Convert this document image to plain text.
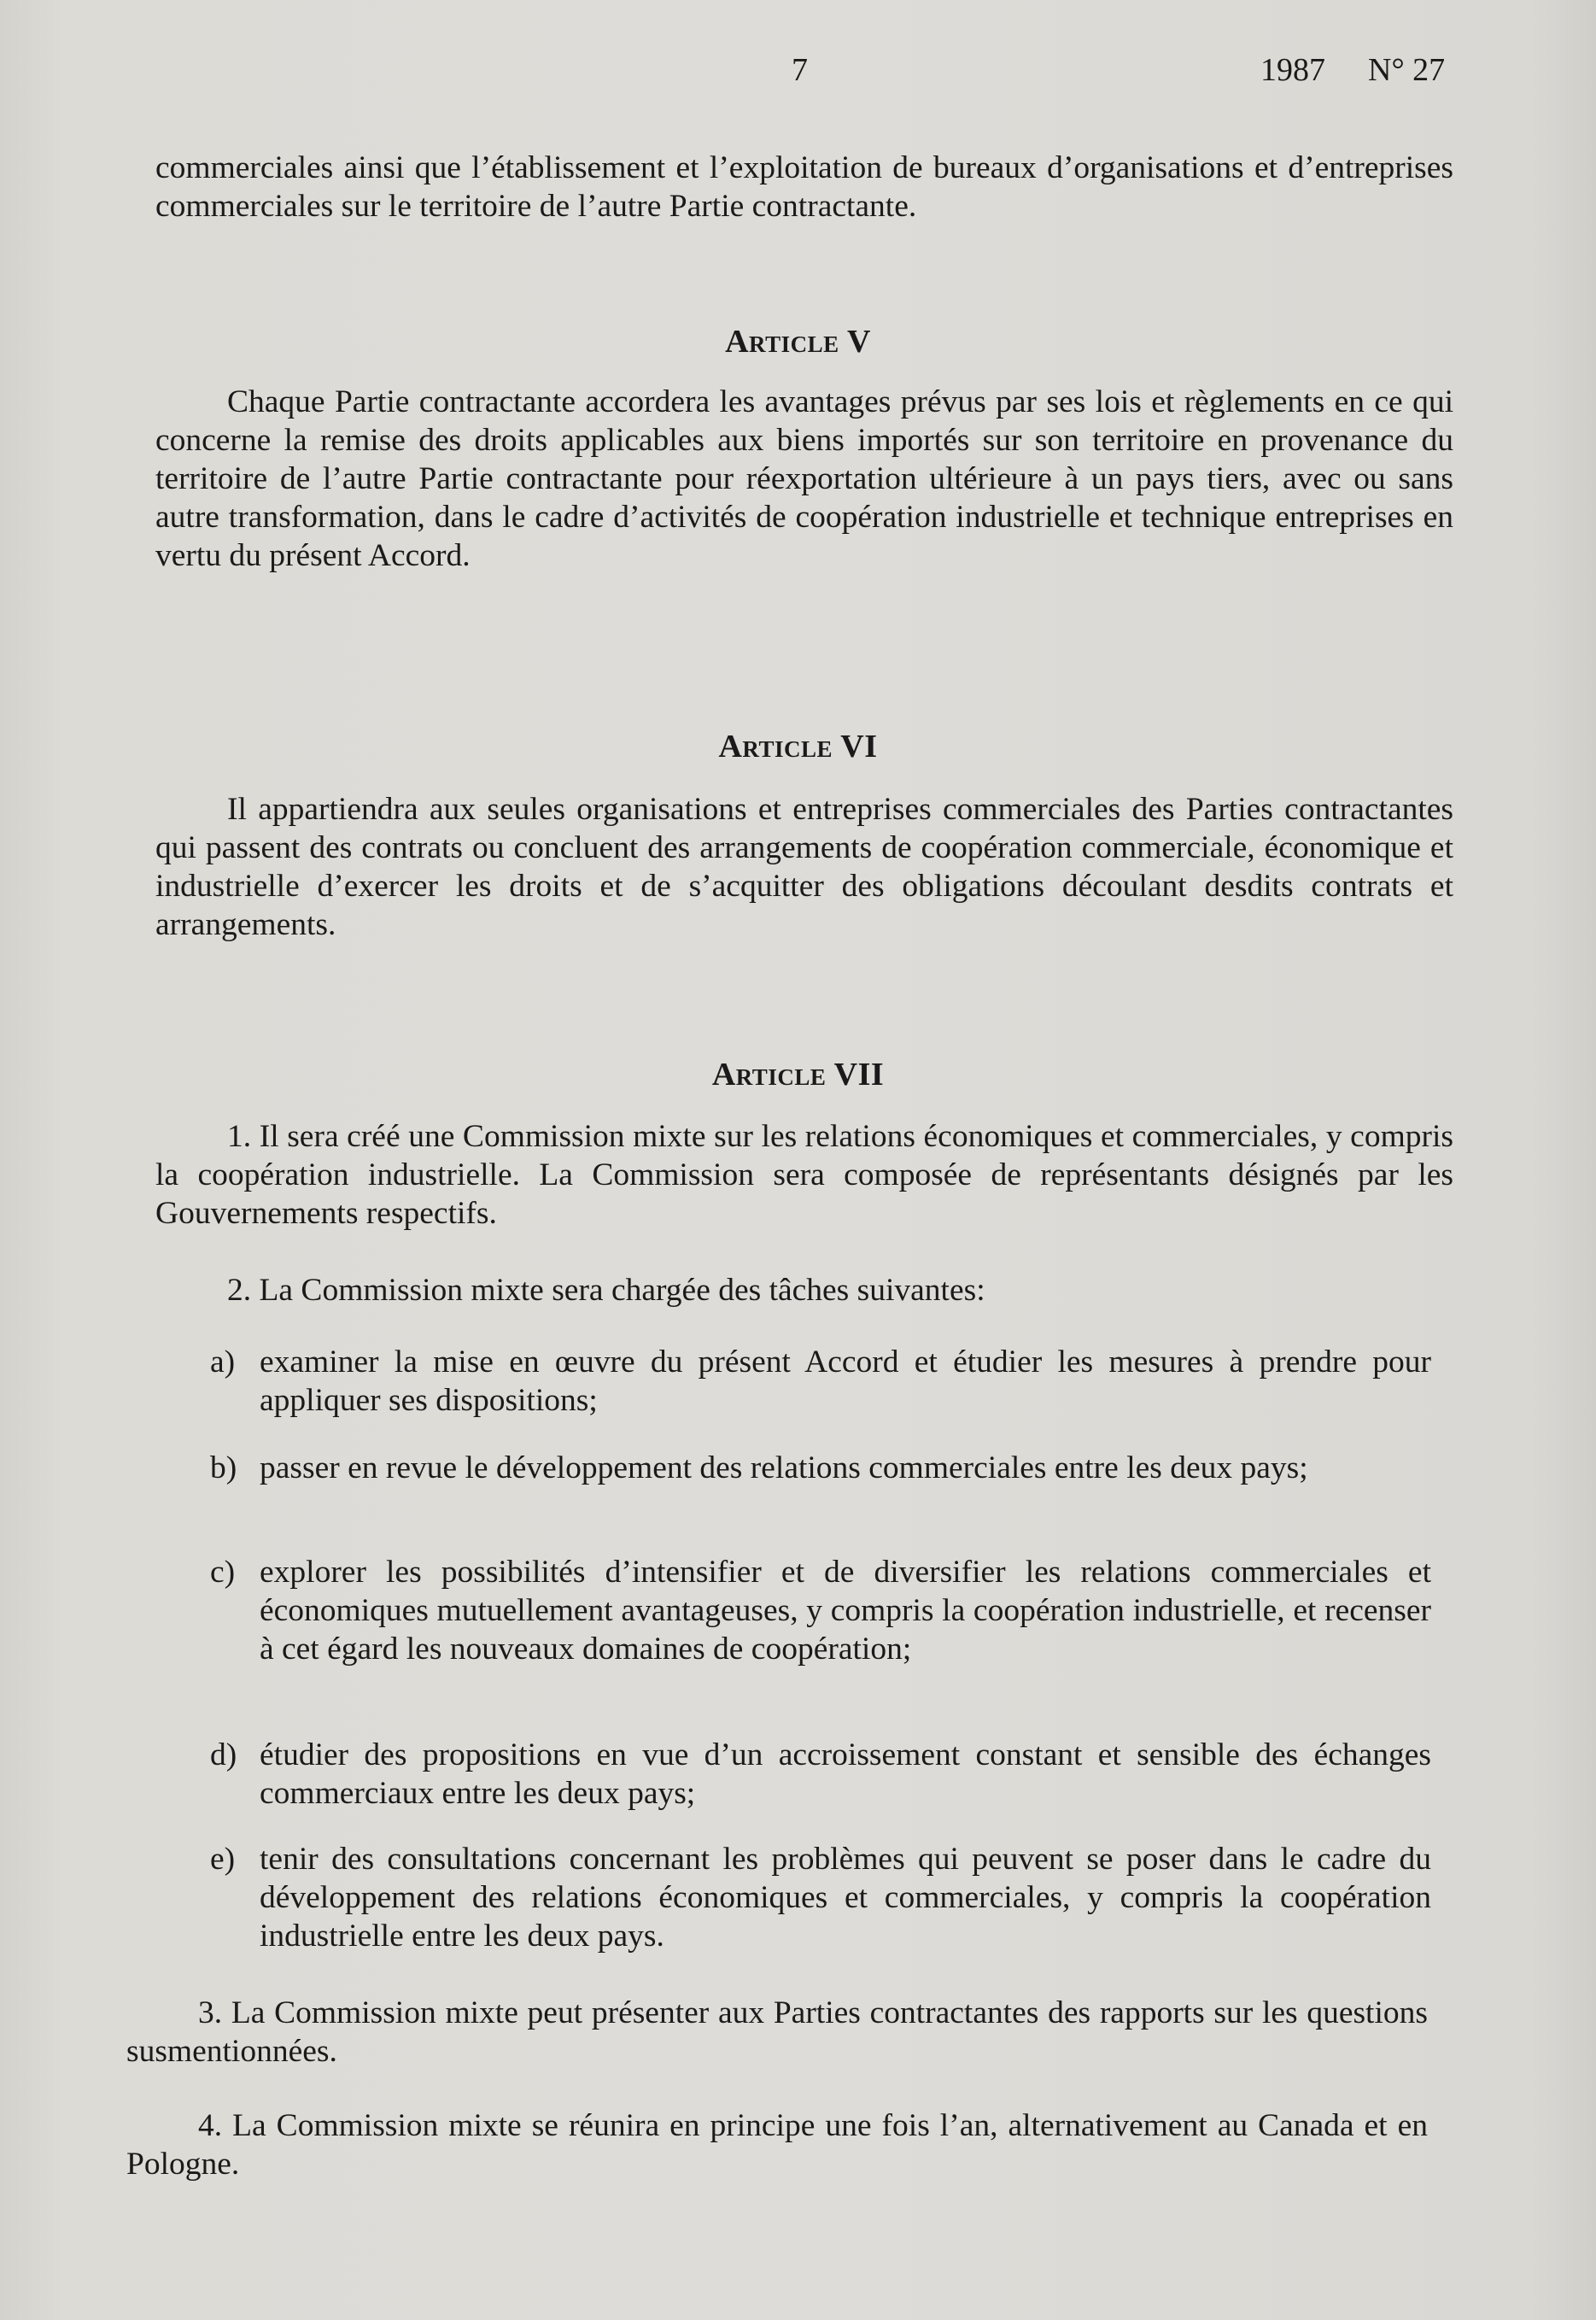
7	1987 N° 27

commerciales ainsi que l’établissement et l’exploitation de bureaux d’organisations et d’entreprises commerciales sur le territoire de l’autre Partie contractante.

Article V

Chaque Partie contractante accordera les avantages prévus par ses lois et règlements en ce qui concerne la remise des droits applicables aux biens importés sur son territoire en provenance du territoire de l’autre Partie contractante pour réexportation ultérieure à un pays tiers, avec ou sans autre transformation, dans le cadre d’activités de coopération industrielle et technique entreprises en vertu du présent Accord.

Article VI

Il appartiendra aux seules organisations et entreprises commerciales des Parties contractantes qui passent des contrats ou concluent des arrangements de coopération commerciale, économique et industrielle d’exercer les droits et de s’acquitter des obligations découlant desdits contrats et arrangements.

Article VII

1. Il sera créé une Commission mixte sur les relations économiques et commerciales, y compris la coopération industrielle. La Commission sera composée de représentants désignés par les Gouvernements respectifs.

2. La Commission mixte sera chargée des tâches suivantes:

a) examiner la mise en œuvre du présent Accord et étudier les mesures à prendre pour appliquer ses dispositions;
b) passer en revue le développement des relations commerciales entre les deux pays;
c) explorer les possibilités d’intensifier et de diversifier les relations commerciales et économiques mutuellement avantageuses, y compris la coopération industrielle, et recenser à cet égard les nouveaux domaines de coopération;
d) étudier des propositions en vue d’un accroissement constant et sensible des échanges commerciaux entre les deux pays;
e) tenir des consultations concernant les problèmes qui peuvent se poser dans le cadre du développement des relations économiques et commerciales, y compris la coopération industrielle entre les deux pays.

3. La Commission mixte peut présenter aux Parties contractantes des rapports sur les questions susmentionnées.

4. La Commission mixte se réunira en principe une fois l’an, alternativement au Canada et en Pologne.
